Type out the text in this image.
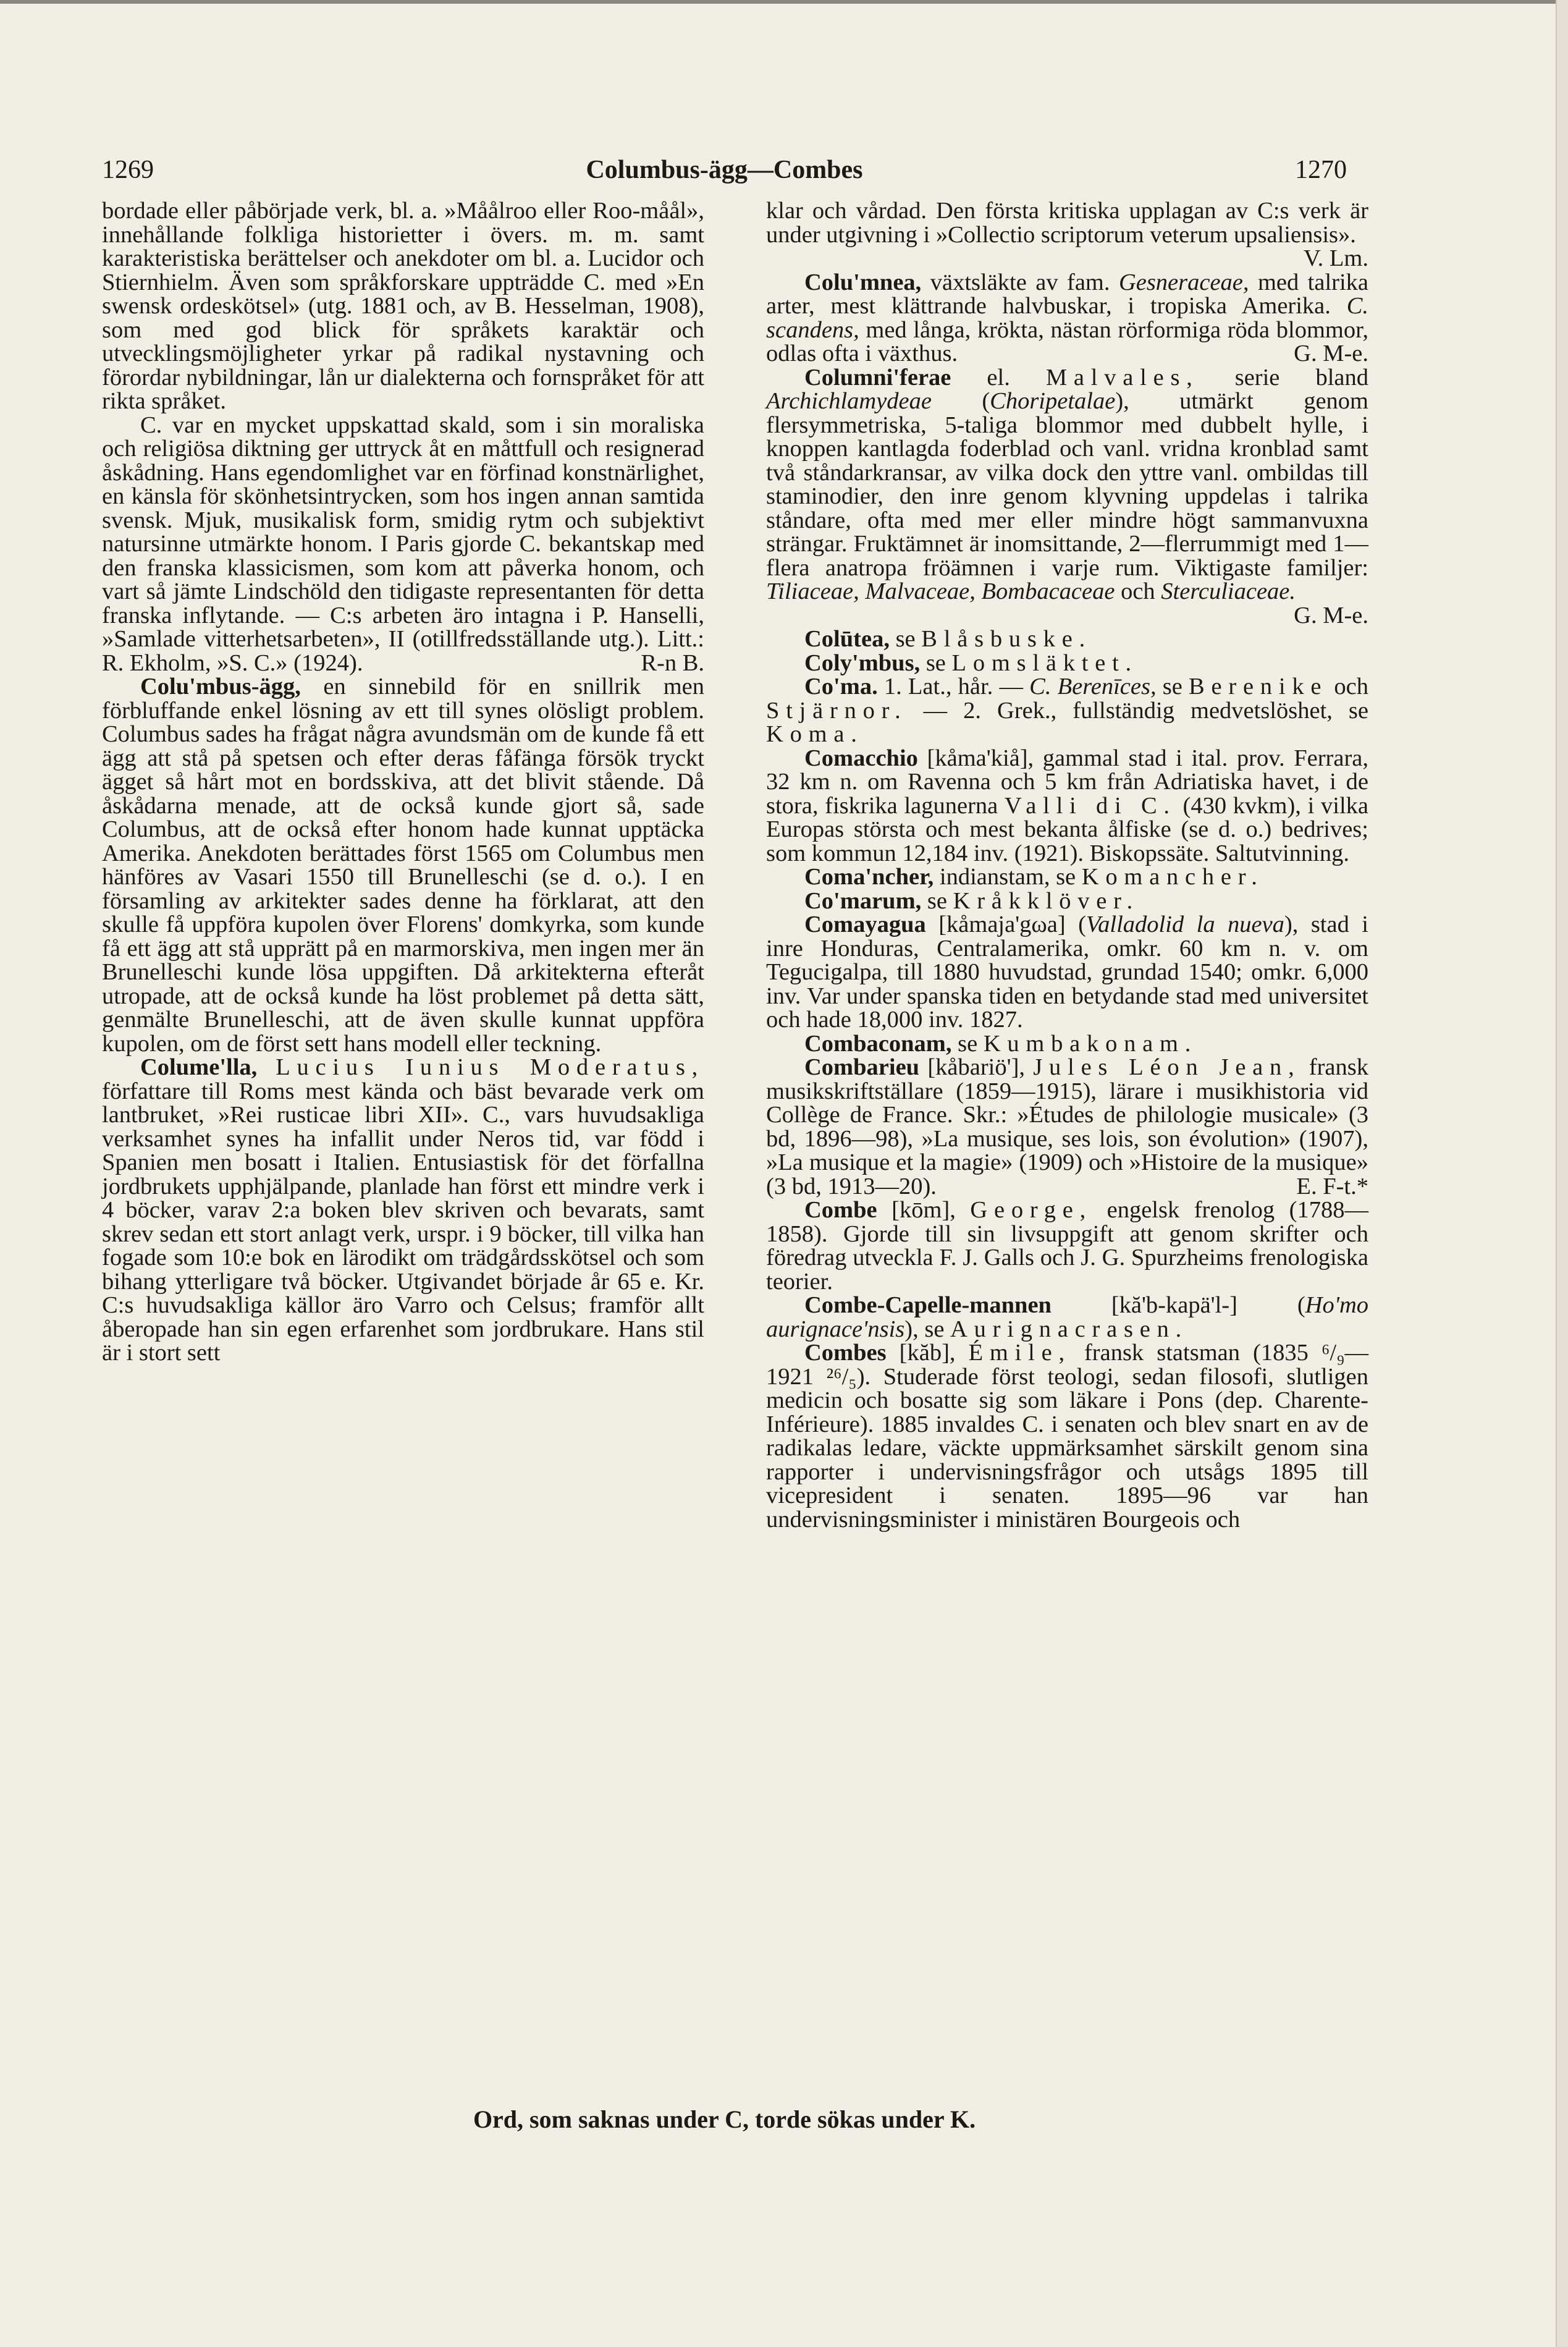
1269	Columbus-ägg—Combes	1270

bordade eller påbörjade verk, bl. a. »Måålroo eller Roo-måål», innehållande folkliga historietter i övers. m. m. samt karakteristiska berättelser och anekdoter om bl. a. Lucidor och Stiernhielm. Även som språkforskare uppträdde C. med »En swensk ordeskötsel» (utg. 1881 och, av B. Hesselman, 1908), som med god blick för språkets karaktär och utvecklingsmöjligheter yrkar på radikal nystavning och förordar nybildningar, lån ur dialekterna och fornspråket för att rikta språket.

C. var en mycket uppskattad skald, som i sin moraliska och religiösa diktning ger uttryck åt en måttfull och resignerad åskådning. Hans egendomlighet var en förfinad konstnärlighet, en känsla för skönhetsintrycken, som hos ingen annan samtida svensk. Mjuk, musikalisk form, smidig rytm och subjektivt natursinne utmärkte honom. I Paris gjorde C. bekantskap med den franska klassicismen, som kom att påverka honom, och vart så jämte Lindschöld den tidigaste representanten för detta franska inflytande. — C:s arbeten äro intagna i P. Hanselli, »Samlade vitterhetsarbeten», II (otillfredsställande utg.). Litt.: R. Ekholm, »S. C.» (1924).	R-n B.

Colu'mbus-ägg, en sinnebild för en snillrik men förbluffande enkel lösning av ett till synes olösligt problem. Columbus sades ha frågat några avundsmän om de kunde få ett ägg att stå på spetsen och efter deras fåfänga försök tryckt ägget så hårt mot en bordsskiva, att det blivit stående. Då åskådarna menade, att de också kunde gjort så, sade Columbus, att de också efter honom hade kunnat upptäcka Amerika. Anekdoten berättades först 1565 om Columbus men hänföres av Vasari 1550 till Brunelleschi (se d. o.). I en församling av arkitekter sades denne ha förklarat, att den skulle få uppföra kupolen över Florens' domkyrka, som kunde få ett ägg att stå upprätt på en marmorskiva, men ingen mer än Brunelleschi kunde lösa uppgiften. Då arkitekterna efteråt utropade, att de också kunde ha löst problemet på detta sätt, genmälte Brunelleschi, att de även skulle kunnat uppföra kupolen, om de först sett hans modell eller teckning.

Colume'lla, Lucius Iunius Moderatus, författare till Roms mest kända och bäst bevarade verk om lantbruket, »Rei rusticae libri XII». C., vars huvudsakliga verksamhet synes ha infallit under Neros tid, var född i Spanien men bosatt i Italien. Entusiastisk för det förfallna jordbrukets upphjälpande, planlade han först ett mindre verk i 4 böcker, varav 2:a boken blev skriven och bevarats, samt skrev sedan ett stort anlagt verk, urspr. i 9 böcker, till vilka han fogade som 10:e bok en lärodikt om trädgårdsskötsel och som bihang ytterligare två böcker. Utgivandet började år 65 e. Kr. C:s huvudsakliga källor äro Varro och Celsus; framför allt åberopade han sin egen erfarenhet som jordbrukare. Hans stil är i stort sett

klar och vårdad. Den första kritiska upplagan av C:s verk är under utgivning i »Collectio scriptorum veterum upsaliensis».
V. Lm.

Colu'mnea, växtsläkte av fam. Gesneraceae, med talrika arter, mest klättrande halvbuskar, i tropiska Amerika. C. scandens, med långa, krökta, nästan rörformiga röda blommor, odlas ofta i växthus.	G. M-e.

Columni'ferae el. Malvales, serie bland Archichlamydeae (Choripetalae), utmärkt genom flersymmetriska, 5-taliga blommor med dubbelt hylle, i knoppen kantlagda foderblad och vanl. vridna kronblad samt två ståndarkransar, av vilka dock den yttre vanl. ombildas till staminodier, den inre genom klyvning uppdelas i talrika ståndare, ofta med mer eller mindre högt sammanvuxna strängar. Fruktämnet är inomsittande, 2—flerrummigt med 1—flera anatropa fröämnen i varje rum. Viktigaste familjer: Tiliaceae, Malvaceae, Bombacaceae och Sterculiaceae.
G. M-e.

Colūtea, se Blåsbuske.

Coly'mbus, se Lomsläktet.

Co'ma. 1. Lat., hår. — C. Berenīces, se Berenike och Stjärnor. — 2. Grek., fullständig medvetslöshet, se Koma.

Comacchio [kåma'kiå], gammal stad i ital. prov. Ferrara, 32 km n. om Ravenna och 5 km från Adriatiska havet, i de stora, fiskrika lagunerna Valli di C. (430 kvkm), i vilka Europas största och mest bekanta ålfiske (se d. o.) bedrives; som kommun 12,184 inv. (1921). Biskopssäte. Saltutvinning.

Coma'ncher, indianstam, se Komancher.

Co'marum, se Kråkklöver.

Comayagua [kåmaja'gωa] (Valladolid la nueva), stad i inre Honduras, Centralamerika, omkr. 60 km n. v. om Tegucigalpa, till 1880 huvudstad, grundad 1540; omkr. 6,000 inv. Var under spanska tiden en betydande stad med universitet och hade 18,000 inv. 1827.

Combaconam, se Kumbakonam.

Combarieu [kåbariö'], Jules Léon Jean, fransk musikskriftställare (1859—1915), lärare i musikhistoria vid Collège de France. Skr.: »Études de philologie musicale» (3 bd, 1896—98), »La musique, ses lois, son évolution» (1907), »La musique et la magie» (1909) och »Histoire de la musique» (3 bd, 1913—20).	E. F-t.*

Combe [kōm], George, engelsk frenolog (1788—1858). Gjorde till sin livsuppgift att genom skrifter och föredrag utveckla F. J. Galls och J. G. Spurzheims frenologiska teorier.

Combe-Capelle-mannen [kă'b-kapä'l-] (Ho'mo aurignace'nsis), se Aurignacrasen.

Combes [kăb], Émile, fransk statsman (1835 ⁶/₉—1921 ²⁶/₅). Studerade först teologi, sedan filosofi, slutligen medicin och bosatte sig som läkare i Pons (dep. Charente-Inférieure). 1885 invaldes C. i senaten och blev snart en av de radikalas ledare, väckte uppmärksamhet särskilt genom sina rapporter i undervisningsfrågor och utsågs 1895 till vicepresident i senaten. 1895—96 var han undervisningsminister i ministären Bourgeois och

Ord, som saknas under C, torde sökas under K.
